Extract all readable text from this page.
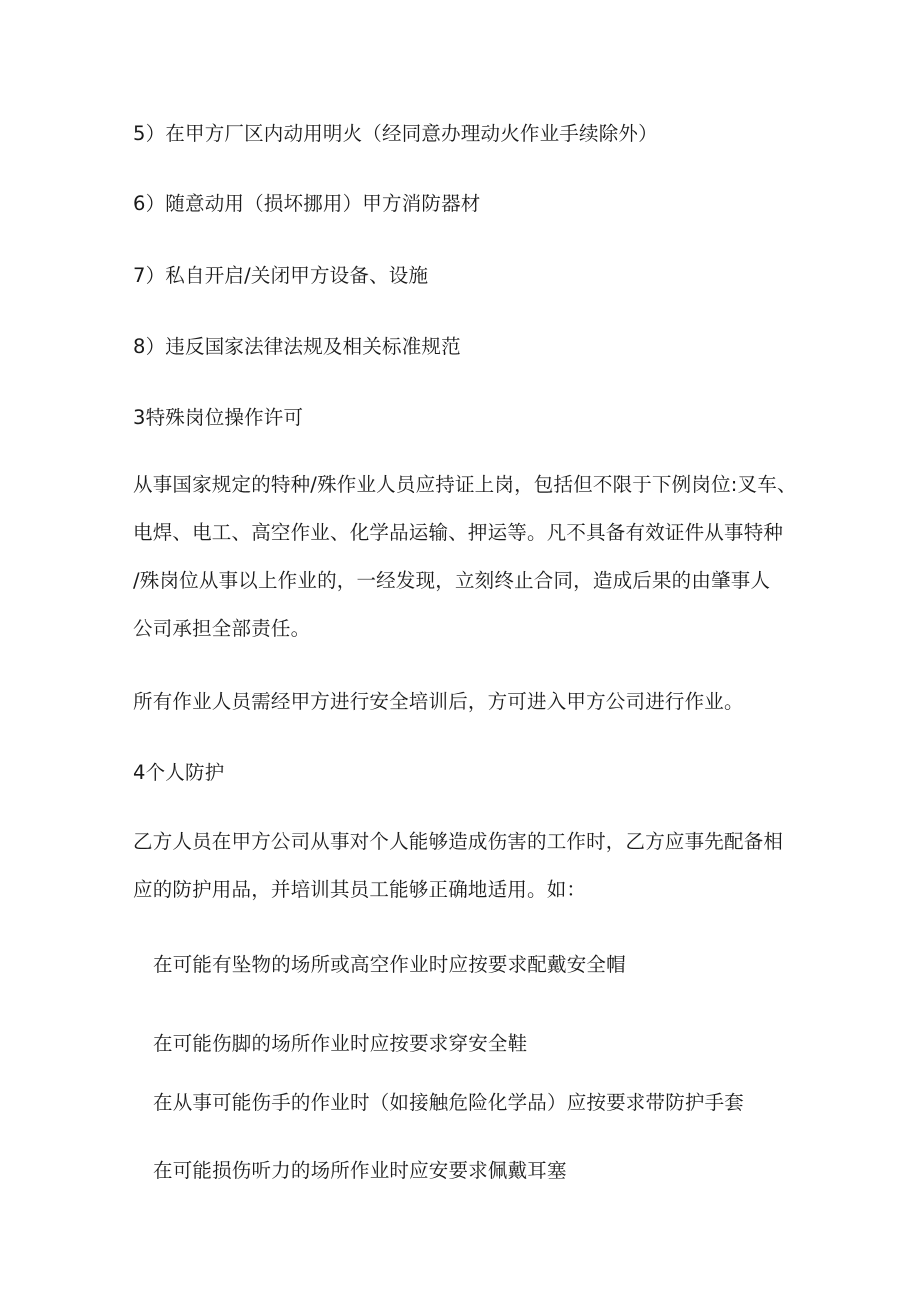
5）在甲方厂区内动用明火（经同意办理动火作业手续除外）
6）随意动用（损坏挪用）甲方消防器材
7）私自开启/关闭甲方设备、设施
8）违反国家法律法规及相关标准规范
3特殊岗位操作许可
从事国家规定的特种/殊作业人员应持证上岗，包括但不限于下例岗位:叉车、
电焊、电工、高空作业、化学品运输、押运等。凡不具备有效证件从事特种
/殊岗位从事以上作业的，一经发现，立刻终止合同，造成后果的由肇事人
公司承担全部责任。
所有作业人员需经甲方进行安全培训后，方可进入甲方公司进行作业。
4个人防护
乙方人员在甲方公司从事对个人能够造成伤害的工作时，乙方应事先配备相
应的防护用品，并培训其员工能够正确地适用。如：
在可能有坠物的场所或高空作业时应按要求配戴安全帽
在可能伤脚的场所作业时应按要求穿安全鞋
在从事可能伤手的作业时（如接触危险化学品）应按要求带防护手套
在可能损伤听力的场所作业时应安要求佩戴耳塞
